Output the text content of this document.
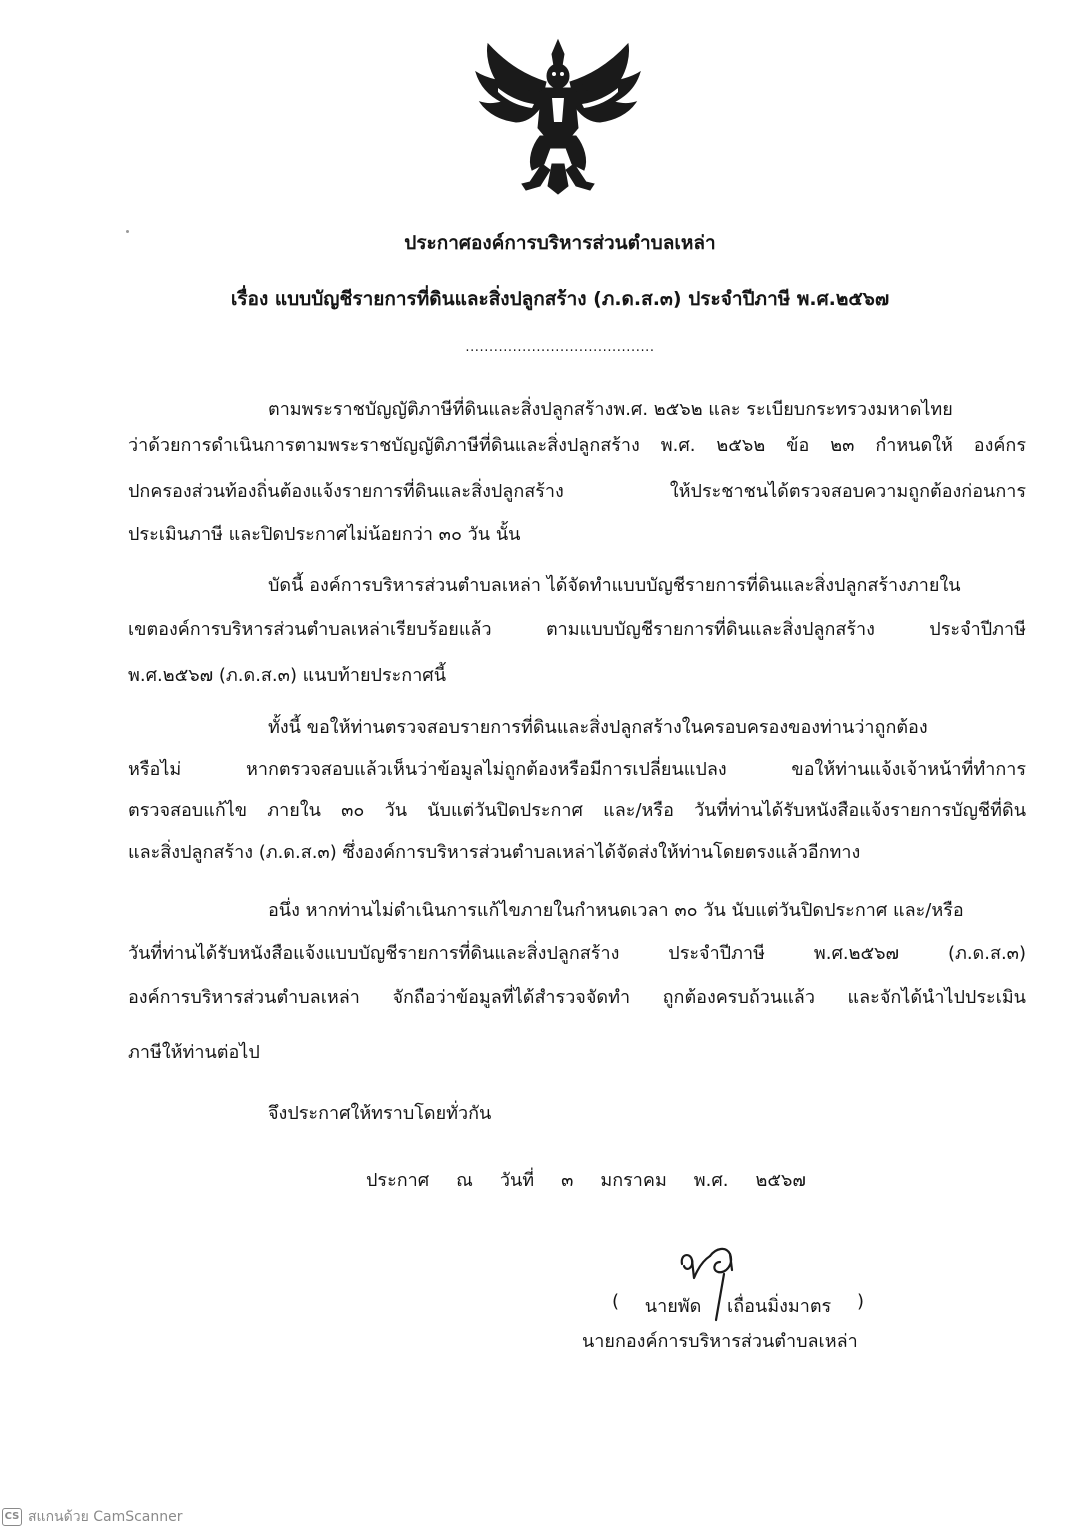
ประกาศองค์การบริหารส่วนตำบลเหล่า
เรื่อง แบบบัญชีรายการที่ดินและสิ่งปลูกสร้าง (ภ.ด.ส.๓) ประจำปีภาษี พ.ศ.๒๕๖๗
........................................
ตามพระราชบัญญัติภาษีที่ดินและสิ่งปลูกสร้างพ.ศ. ๒๕๖๒ และ ระเบียบกระทรวงมหาดไทย
ว่าด้วยการดำเนินการตามพระราชบัญญัติภาษีที่ดินและสิ่งปลูกสร้าง พ.ศ. ๒๕๖๒ ข้อ ๒๓ กำหนดให้ องค์กร
ปกครองส่วนท้องถิ่นต้องแจ้งรายการที่ดินและสิ่งปลูกสร้าง ให้ประชาชนได้ตรวจสอบความถูกต้องก่อนการ
ประเมินภาษี และปิดประกาศไม่น้อยกว่า ๓๐ วัน นั้น
บัดนี้ องค์การบริหารส่วนตำบลเหล่า ได้จัดทำแบบบัญชีรายการที่ดินและสิ่งปลูกสร้างภายใน
เขตองค์การบริหารส่วนตำบลเหล่าเรียบร้อยแล้ว ตามแบบบัญชีรายการที่ดินและสิ่งปลูกสร้าง ประจำปีภาษี
พ.ศ.๒๕๖๗ (ภ.ด.ส.๓) แนบท้ายประกาศนี้
ทั้งนี้ ขอให้ท่านตรวจสอบรายการที่ดินและสิ่งปลูกสร้างในครอบครองของท่านว่าถูกต้อง
หรือไม่ หากตรวจสอบแล้วเห็นว่าข้อมูลไม่ถูกต้องหรือมีการเปลี่ยนแปลง ขอให้ท่านแจ้งเจ้าหน้าที่ทำการ
ตรวจสอบแก้ไข ภายใน ๓๐ วัน นับแต่วันปิดประกาศ และ/หรือ วันที่ท่านได้รับหนังสือแจ้งรายการบัญชีที่ดิน
และสิ่งปลูกสร้าง (ภ.ด.ส.๓) ซึ่งองค์การบริหารส่วนตำบลเหล่าได้จัดส่งให้ท่านโดยตรงแล้วอีกทาง
อนึ่ง หากท่านไม่ดำเนินการแก้ไขภายในกำหนดเวลา ๓๐ วัน นับแต่วันปิดประกาศ และ/หรือ
วันที่ท่านได้รับหนังสือแจ้งแบบบัญชีรายการที่ดินและสิ่งปลูกสร้าง ประจำปีภาษี พ.ศ.๒๕๖๗ (ภ.ด.ส.๓)
องค์การบริหารส่วนตำบลเหล่า จักถือว่าข้อมูลที่ได้สำรวจจัดทำ ถูกต้องครบถ้วนแล้ว และจักได้นำไปประเมิน
ภาษีให้ท่านต่อไป
จึงประกาศให้ทราบโดยทั่วกัน
ประกาศ ณ วันที่ ๓ มกราคม พ.ศ. ๒๕๖๗
( นายพัด เถื่อนมิ่งมาตร )
นายกองค์การบริหารส่วนตำบลเหล่า
CS สแกนด้วย CamScanner
